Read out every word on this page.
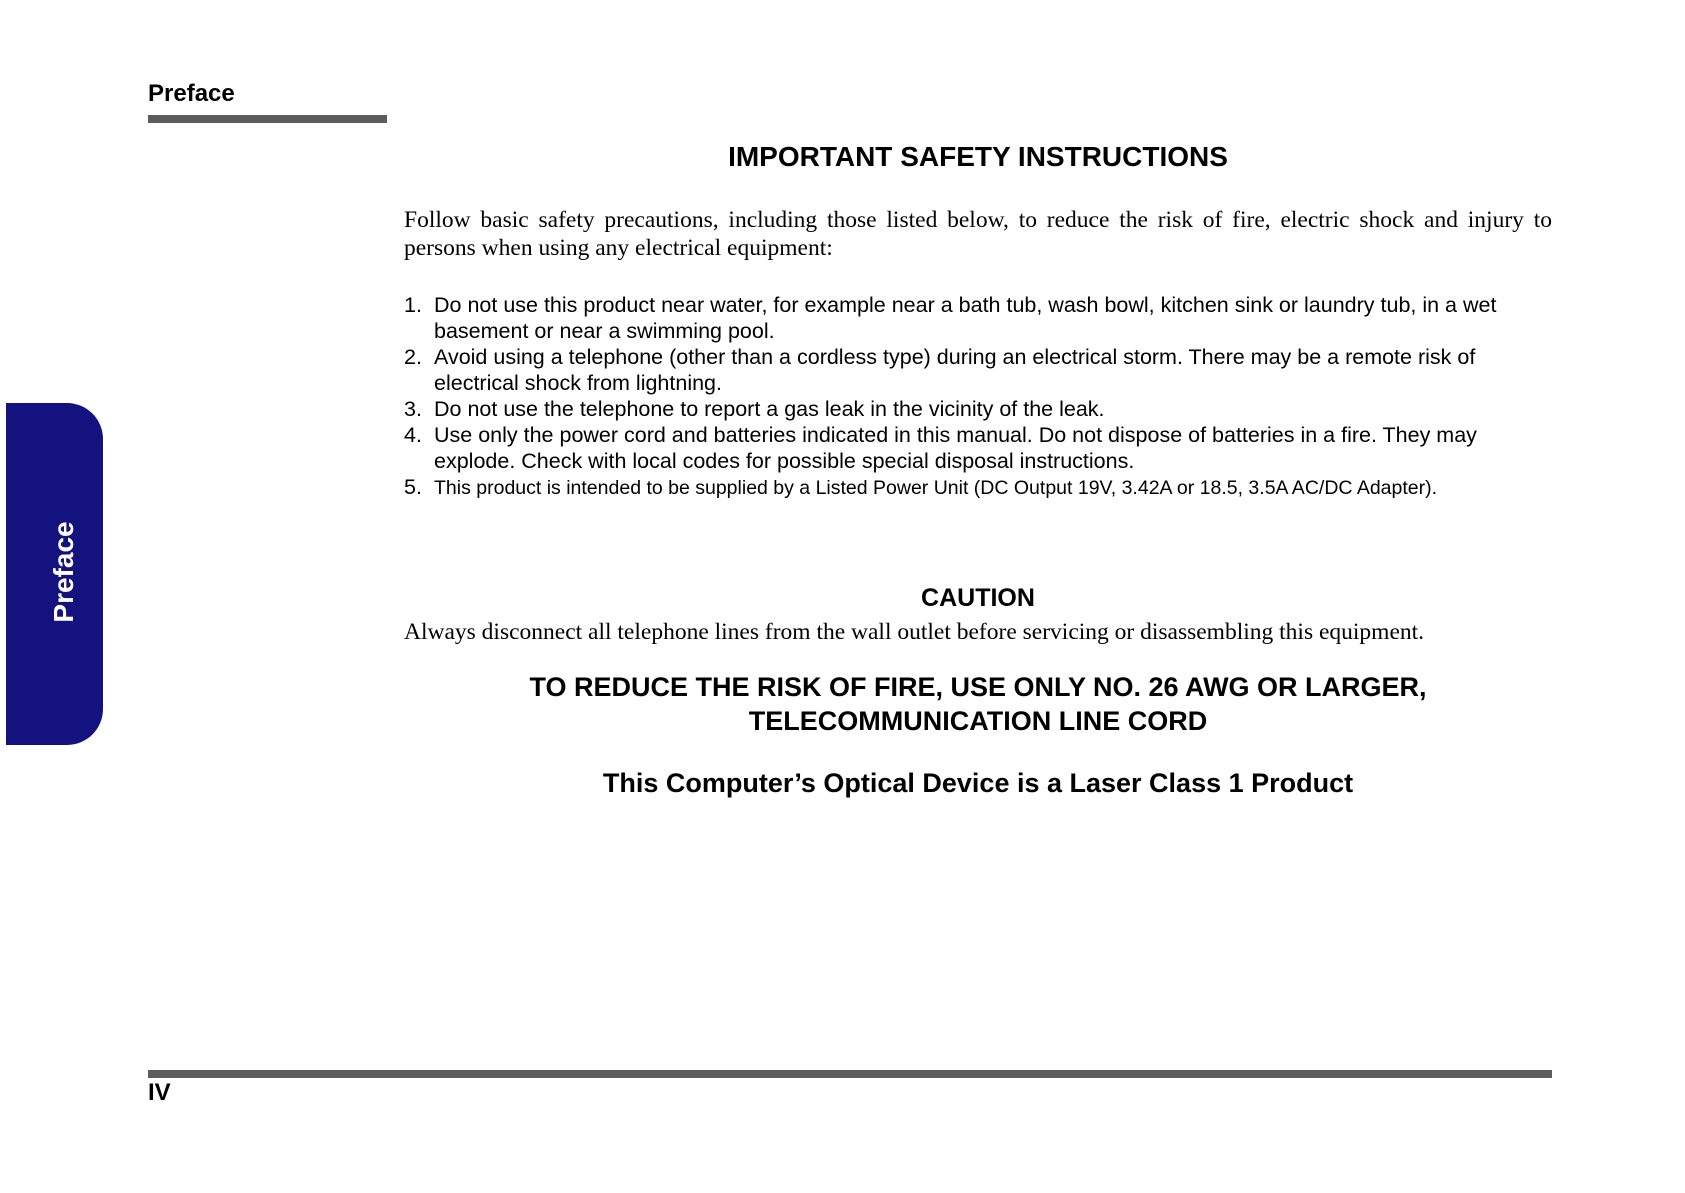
Preface
Preface
IMPORTANT SAFETY INSTRUCTIONS

Follow basic safety precautions, including those listed below, to reduce the risk of fire, electric shock and injury to persons when using any electrical equipment:

1. Do not use this product near water, for example near a bath tub, wash bowl, kitchen sink or laundry tub, in a wet basement or near a swimming pool.
2. Avoid using a telephone (other than a cordless type) during an electrical storm. There may be a remote risk of electrical shock from lightning.
3. Do not use the telephone to report a gas leak in the vicinity of the leak.
4. Use only the power cord and batteries indicated in this manual. Do not dispose of batteries in a fire. They may explode. Check with local codes for possible special disposal instructions.
5. This product is intended to be supplied by a Listed Power Unit (DC Output 19V, 3.42A or 18.5, 3.5A AC/DC Adapter).
CAUTION

Always disconnect all telephone lines from the wall outlet before servicing or disassembling this equipment.

TO REDUCE THE RISK OF FIRE, USE ONLY NO. 26 AWG OR LARGER,
TELECOMMUNICATION LINE CORD
This Computer’s Optical Device is a Laser Class 1 Product
IV
